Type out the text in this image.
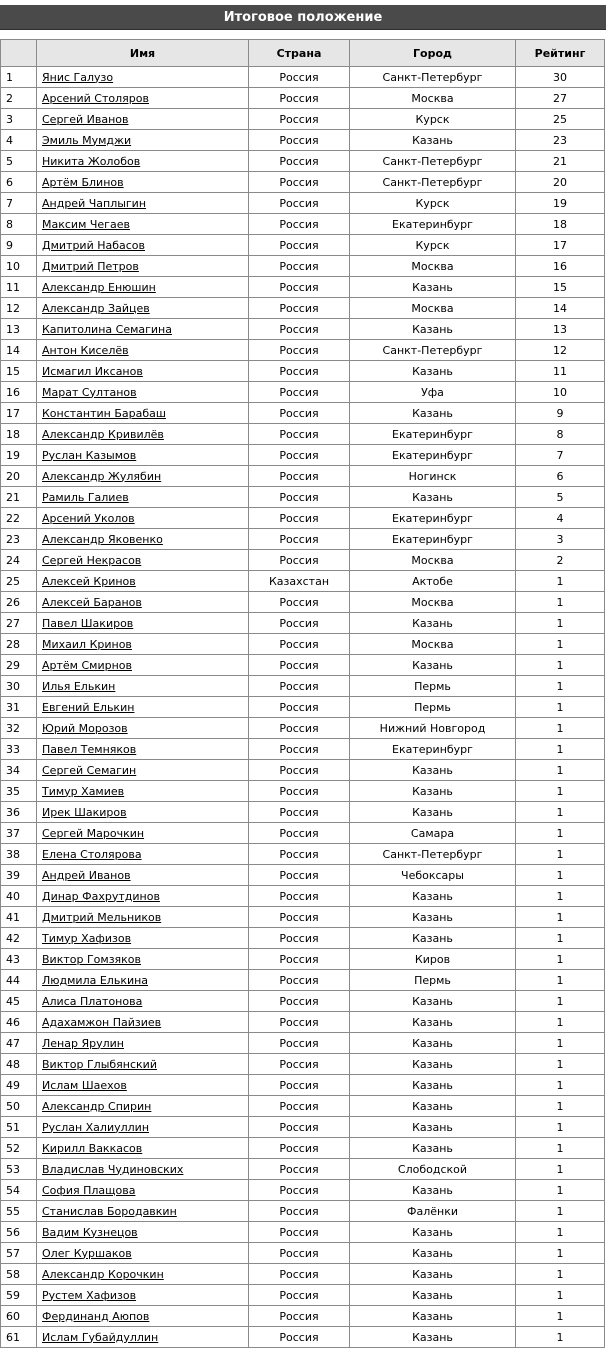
Итоговое положение
	Имя	Страна	Город	Рейтинг
1	Янис Галузо	Россия	Санкт-Петербург	30
2	Арсений Столяров	Россия	Москва	27
3	Сергей Иванов	Россия	Курск	25
4	Эмиль Мумджи	Россия	Казань	23
5	Никита Жолобов	Россия	Санкт-Петербург	21
6	Артём Блинов	Россия	Санкт-Петербург	20
7	Андрей Чаплыгин	Россия	Курск	19
8	Максим Чегаев	Россия	Екатеринбург	18
9	Дмитрий Набасов	Россия	Курск	17
10	Дмитрий Петров	Россия	Москва	16
11	Александр Енюшин	Россия	Казань	15
12	Александр Зайцев	Россия	Москва	14
13	Капитолина Семагина	Россия	Казань	13
14	Антон Киселёв	Россия	Санкт-Петербург	12
15	Исмагил Иксанов	Россия	Казань	11
16	Марат Султанов	Россия	Уфа	10
17	Константин Барабаш	Россия	Казань	9
18	Александр Кривилёв	Россия	Екатеринбург	8
19	Руслан Казымов	Россия	Екатеринбург	7
20	Александр Жулябин	Россия	Ногинск	6
21	Рамиль Галиев	Россия	Казань	5
22	Арсений Уколов	Россия	Екатеринбург	4
23	Александр Яковенко	Россия	Екатеринбург	3
24	Сергей Некрасов	Россия	Москва	2
25	Алексей Кринов	Казахстан	Актобе	1
26	Алексей Баранов	Россия	Москва	1
27	Павел Шакиров	Россия	Казань	1
28	Михаил Кринов	Россия	Москва	1
29	Артём Смирнов	Россия	Казань	1
30	Илья Елькин	Россия	Пермь	1
31	Евгений Елькин	Россия	Пермь	1
32	Юрий Морозов	Россия	Нижний Новгород	1
33	Павел Темняков	Россия	Екатеринбург	1
34	Сергей Семагин	Россия	Казань	1
35	Тимур Хамиев	Россия	Казань	1
36	Ирек Шакиров	Россия	Казань	1
37	Сергей Марочкин	Россия	Самара	1
38	Елена Столярова	Россия	Санкт-Петербург	1
39	Андрей Иванов	Россия	Чебоксары	1
40	Динар Фахрутдинов	Россия	Казань	1
41	Дмитрий Мельников	Россия	Казань	1
42	Тимур Хафизов	Россия	Казань	1
43	Виктор Гомзяков	Россия	Киров	1
44	Людмила Елькина	Россия	Пермь	1
45	Алиса Платонова	Россия	Казань	1
46	Адахамжон Пайзиев	Россия	Казань	1
47	Ленар Ярулин	Россия	Казань	1
48	Виктор Глыбянский	Россия	Казань	1
49	Ислам Шаехов	Россия	Казань	1
50	Александр Спирин	Россия	Казань	1
51	Руслан Халиуллин	Россия	Казань	1
52	Кирилл Ваккасов	Россия	Казань	1
53	Владислав Чудиновских	Россия	Слободской	1
54	София Плащова	Россия	Казань	1
55	Станислав Бородавкин	Россия	Фалёнки	1
56	Вадим Кузнецов	Россия	Казань	1
57	Олег Куршаков	Россия	Казань	1
58	Александр Корочкин	Россия	Казань	1
59	Рустем Хафизов	Россия	Казань	1
60	Фердинанд Аюпов	Россия	Казань	1
61	Ислам Губайдуллин	Россия	Казань	1
